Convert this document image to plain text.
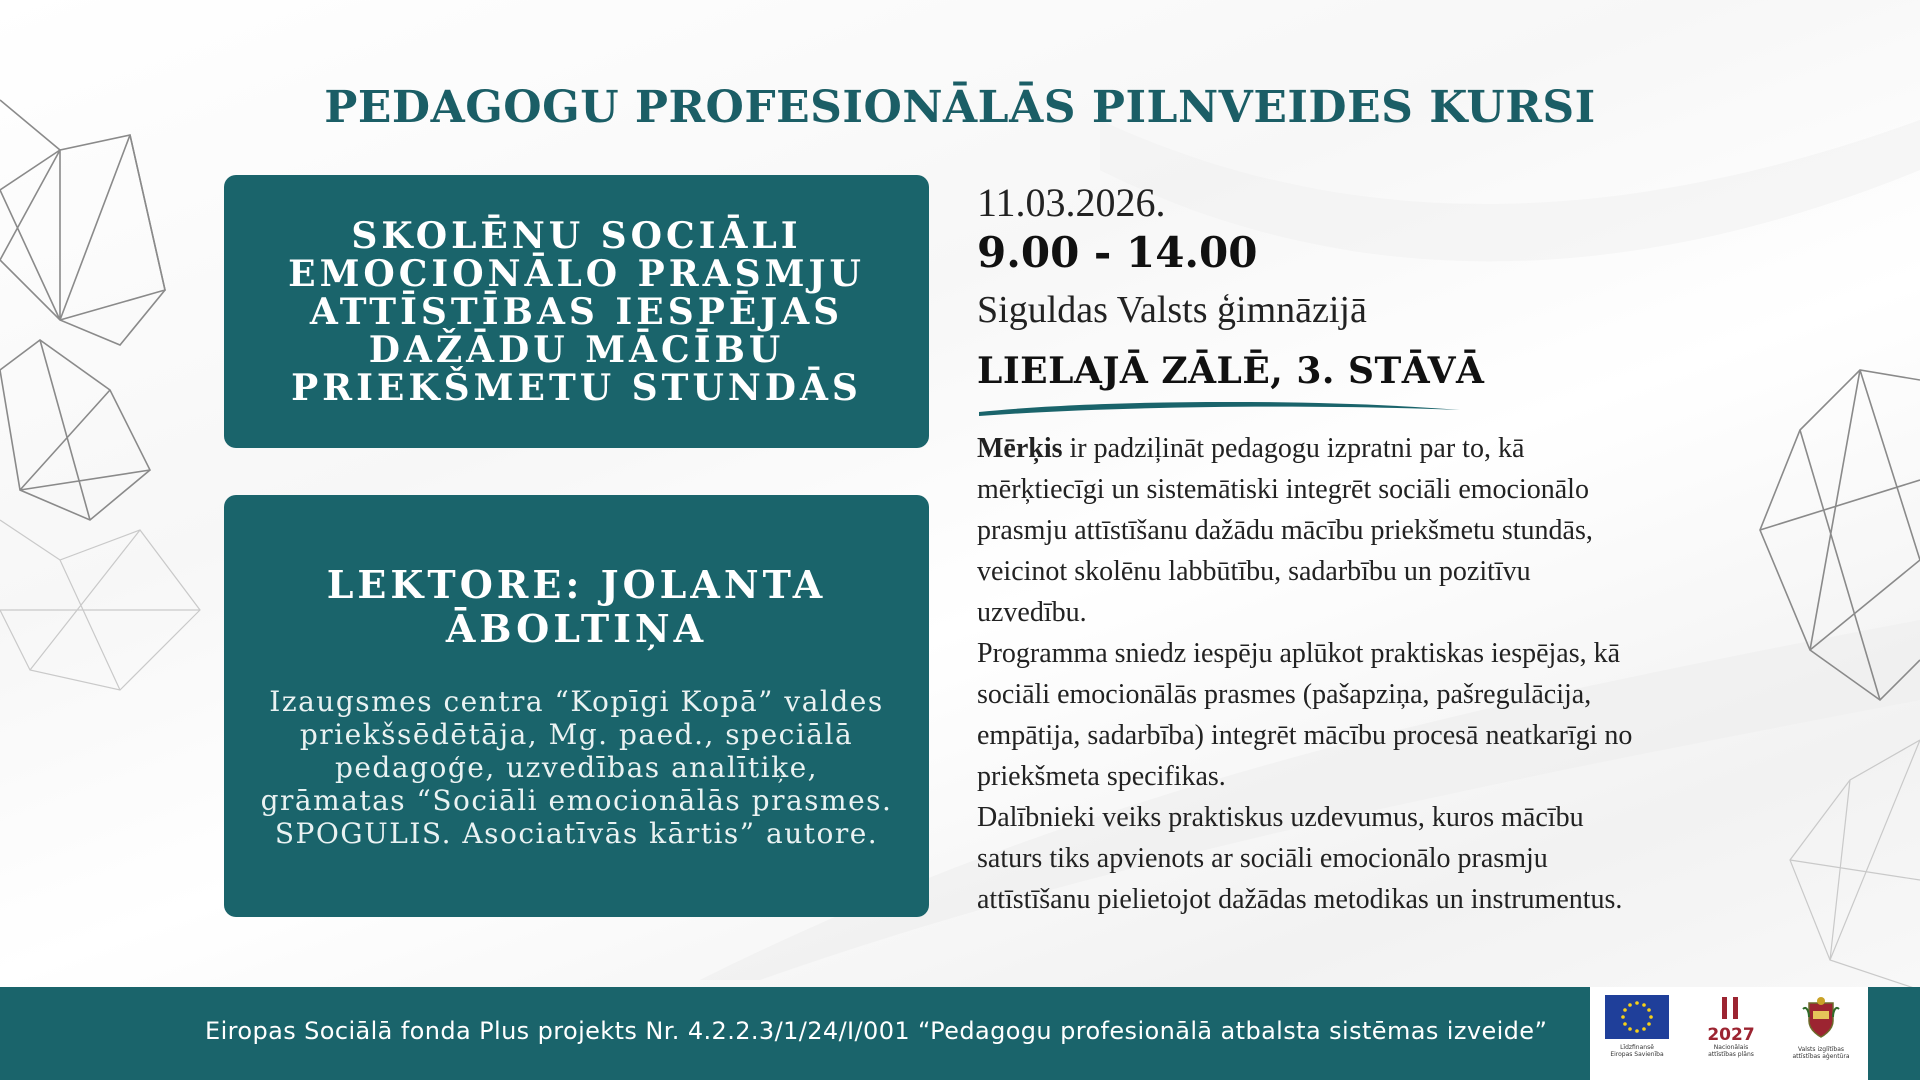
PEDAGOGU PROFESIONĀLĀS PILNVEIDES KURSI
SKOLĒNU SOCIĀLI
EMOCIONĀLO PRASMJU
ATTĪSTĪBAS IESPĒJAS
DAŽĀDU MĀCĪBU
PRIEKŠMETU STUNDĀS
LEKTORE: JOLANTA
ĀBOLTIŅA
Izaugsmes centra “Kopīgi Kopā” valdes
priekšsēdētāja, Mg. paed., speciālā
pedagoģe, uzvedības analītiķe,
grāmatas “Sociāli emocionālās prasmes.
SPOGULIS. Asociatīvās kārtis” autore.
11.03.2026.
9.00 - 14.00
Siguldas Valsts ģimnāzijā
LIELAJĀ ZĀLĒ, 3. STĀVĀ

Mērķis ir padziļināt pedagogu izpratni par to, kā

mērķtiecīgi un sistemātiski integrēt sociāli emocionālo

prasmju attīstīšanu dažādu mācību priekšmetu stundās,

veicinot skolēnu labbūtību, sadarbību un pozitīvu

uzvedību.

Programma sniedz iespēju aplūkot praktiskas iespējas, kā

sociāli emocionālās prasmes (pašapziņa, pašregulācija,

empātija, sadarbība) integrēt mācību procesā neatkarīgi no

priekšmeta specifikas.

Dalībnieki veiks praktiskus uzdevumus, kuros mācību

saturs tiks apvienots ar sociāli emocionālo prasmju

attīstīšanu pielietojot dažādas metodikas un instrumentus.

Eiropas Sociālā fonda Plus projekts Nr. 4.2.2.3/1/24/I/001 “Pedagogu profesionālā atbalsta sistēmas izveide”
Līdzfinansē
Eiropas Savienība
2027
Nacionālais
attīstības plāns
Valsts izglītības
attīstības aģentūra
